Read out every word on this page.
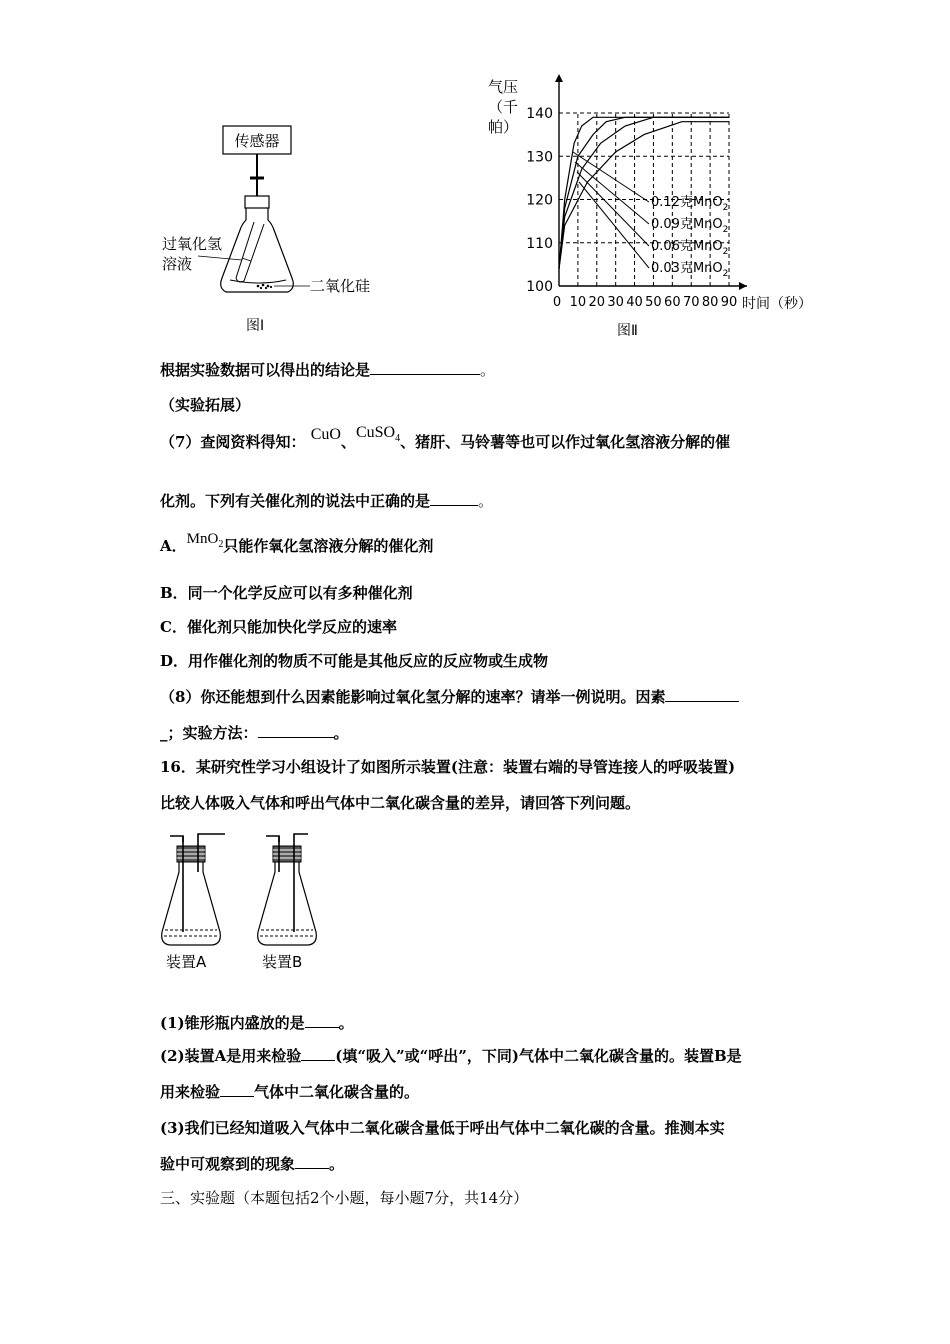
传感器
过氧化氢
溶液
二氧化硅
图Ⅰ
气压
（千
帕）
时间（秒）
图Ⅱ
100
110
120
130
140
0 10 20 30 40 50 60 70 80 90
0.12克MnO$_2$
0.09克MnO$_2$
0.06克MnO$_2$
0.03克MnO$_2$
根据实验数据可以得出的结论是	。
（实验拓展）
（7）查阅资料得知： CuO、CuSO$_4$、猪肝、马铃薯等也可以作过氧化氢溶液分解的催
化剂。下列有关催化剂的说法中正确的是	。
A．MnO$_2$只能作氧化氢溶液分解的催化剂
B．同一个化学反应可以有多种催化剂
C．催化剂只能加快化学反应的速率
D．用作催化剂的物质不可能是其他反应的反应物或生成物
（8）你还能想到什么因素能影响过氧化氢分解的速率？请举一例说明。因素
_；实验方法：	。
16．某研究性学习小组设计了如图所示装置(注意：装置右端的导管连接人的呼吸装置)
比较人体吸入气体和呼出气体中二氧化碳含量的差异，请回答下列问题。
装置A	装置B
(1)锥形瓶内盛放的是 。
(2)装置A是用来检验 (填“吸入”或“呼出”，下同)气体中二氧化碳含量的。装置B是
用来检验 气体中二氧化碳含量的。
(3)我们已经知道吸入气体中二氧化碳含量低于呼出气体中二氧化碳的含量。推测本实
验中可观察到的现象 。
三、实验题（本题包括2个小题，每小题7分，共14分）
